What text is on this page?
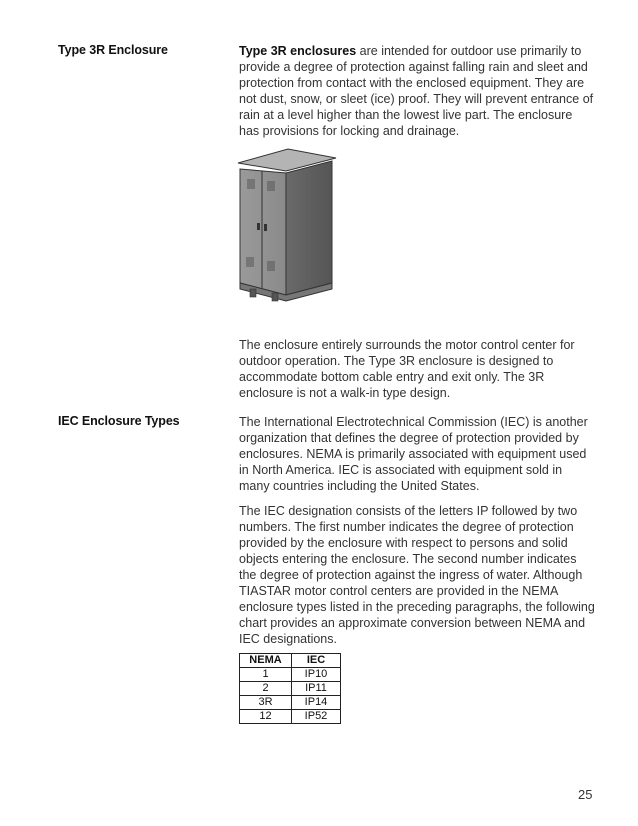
Type 3R Enclosure	Type 3R enclosures are intended for outdoor use primarily to provide a degree of protection against falling rain and sleet and protection from contact with the enclosed equipment. They are not dust, snow, or sleet (ice) proof. They will prevent entrance of rain at a level higher than the lowest live part. The enclosure has provisions for locking and drainage.

The enclosure entirely surrounds the motor control center for outdoor operation. The Type 3R enclosure is designed to accommodate bottom cable entry and exit only. The 3R enclosure is not a walk-in type design.

IEC Enclosure Types	The International Electrotechnical Commission (IEC) is another organization that defines the degree of protection provided by enclosures. NEMA is primarily associated with equipment used in North America. IEC is associated with equipment sold in many countries including the United States.

The IEC designation consists of the letters IP followed by two numbers. The first number indicates the degree of protection provided by the enclosure with respect to persons and solid objects entering the enclosure. The second number indicates the degree of protection against the ingress of water. Although TIASTAR motor control centers are provided in the NEMA enclosure types listed in the preceding paragraphs, the following chart provides an approximate conversion between NEMA and IEC designations.

NEMA	IEC
1	IP10
2	IP11
3R	IP14
12	IP52
25
